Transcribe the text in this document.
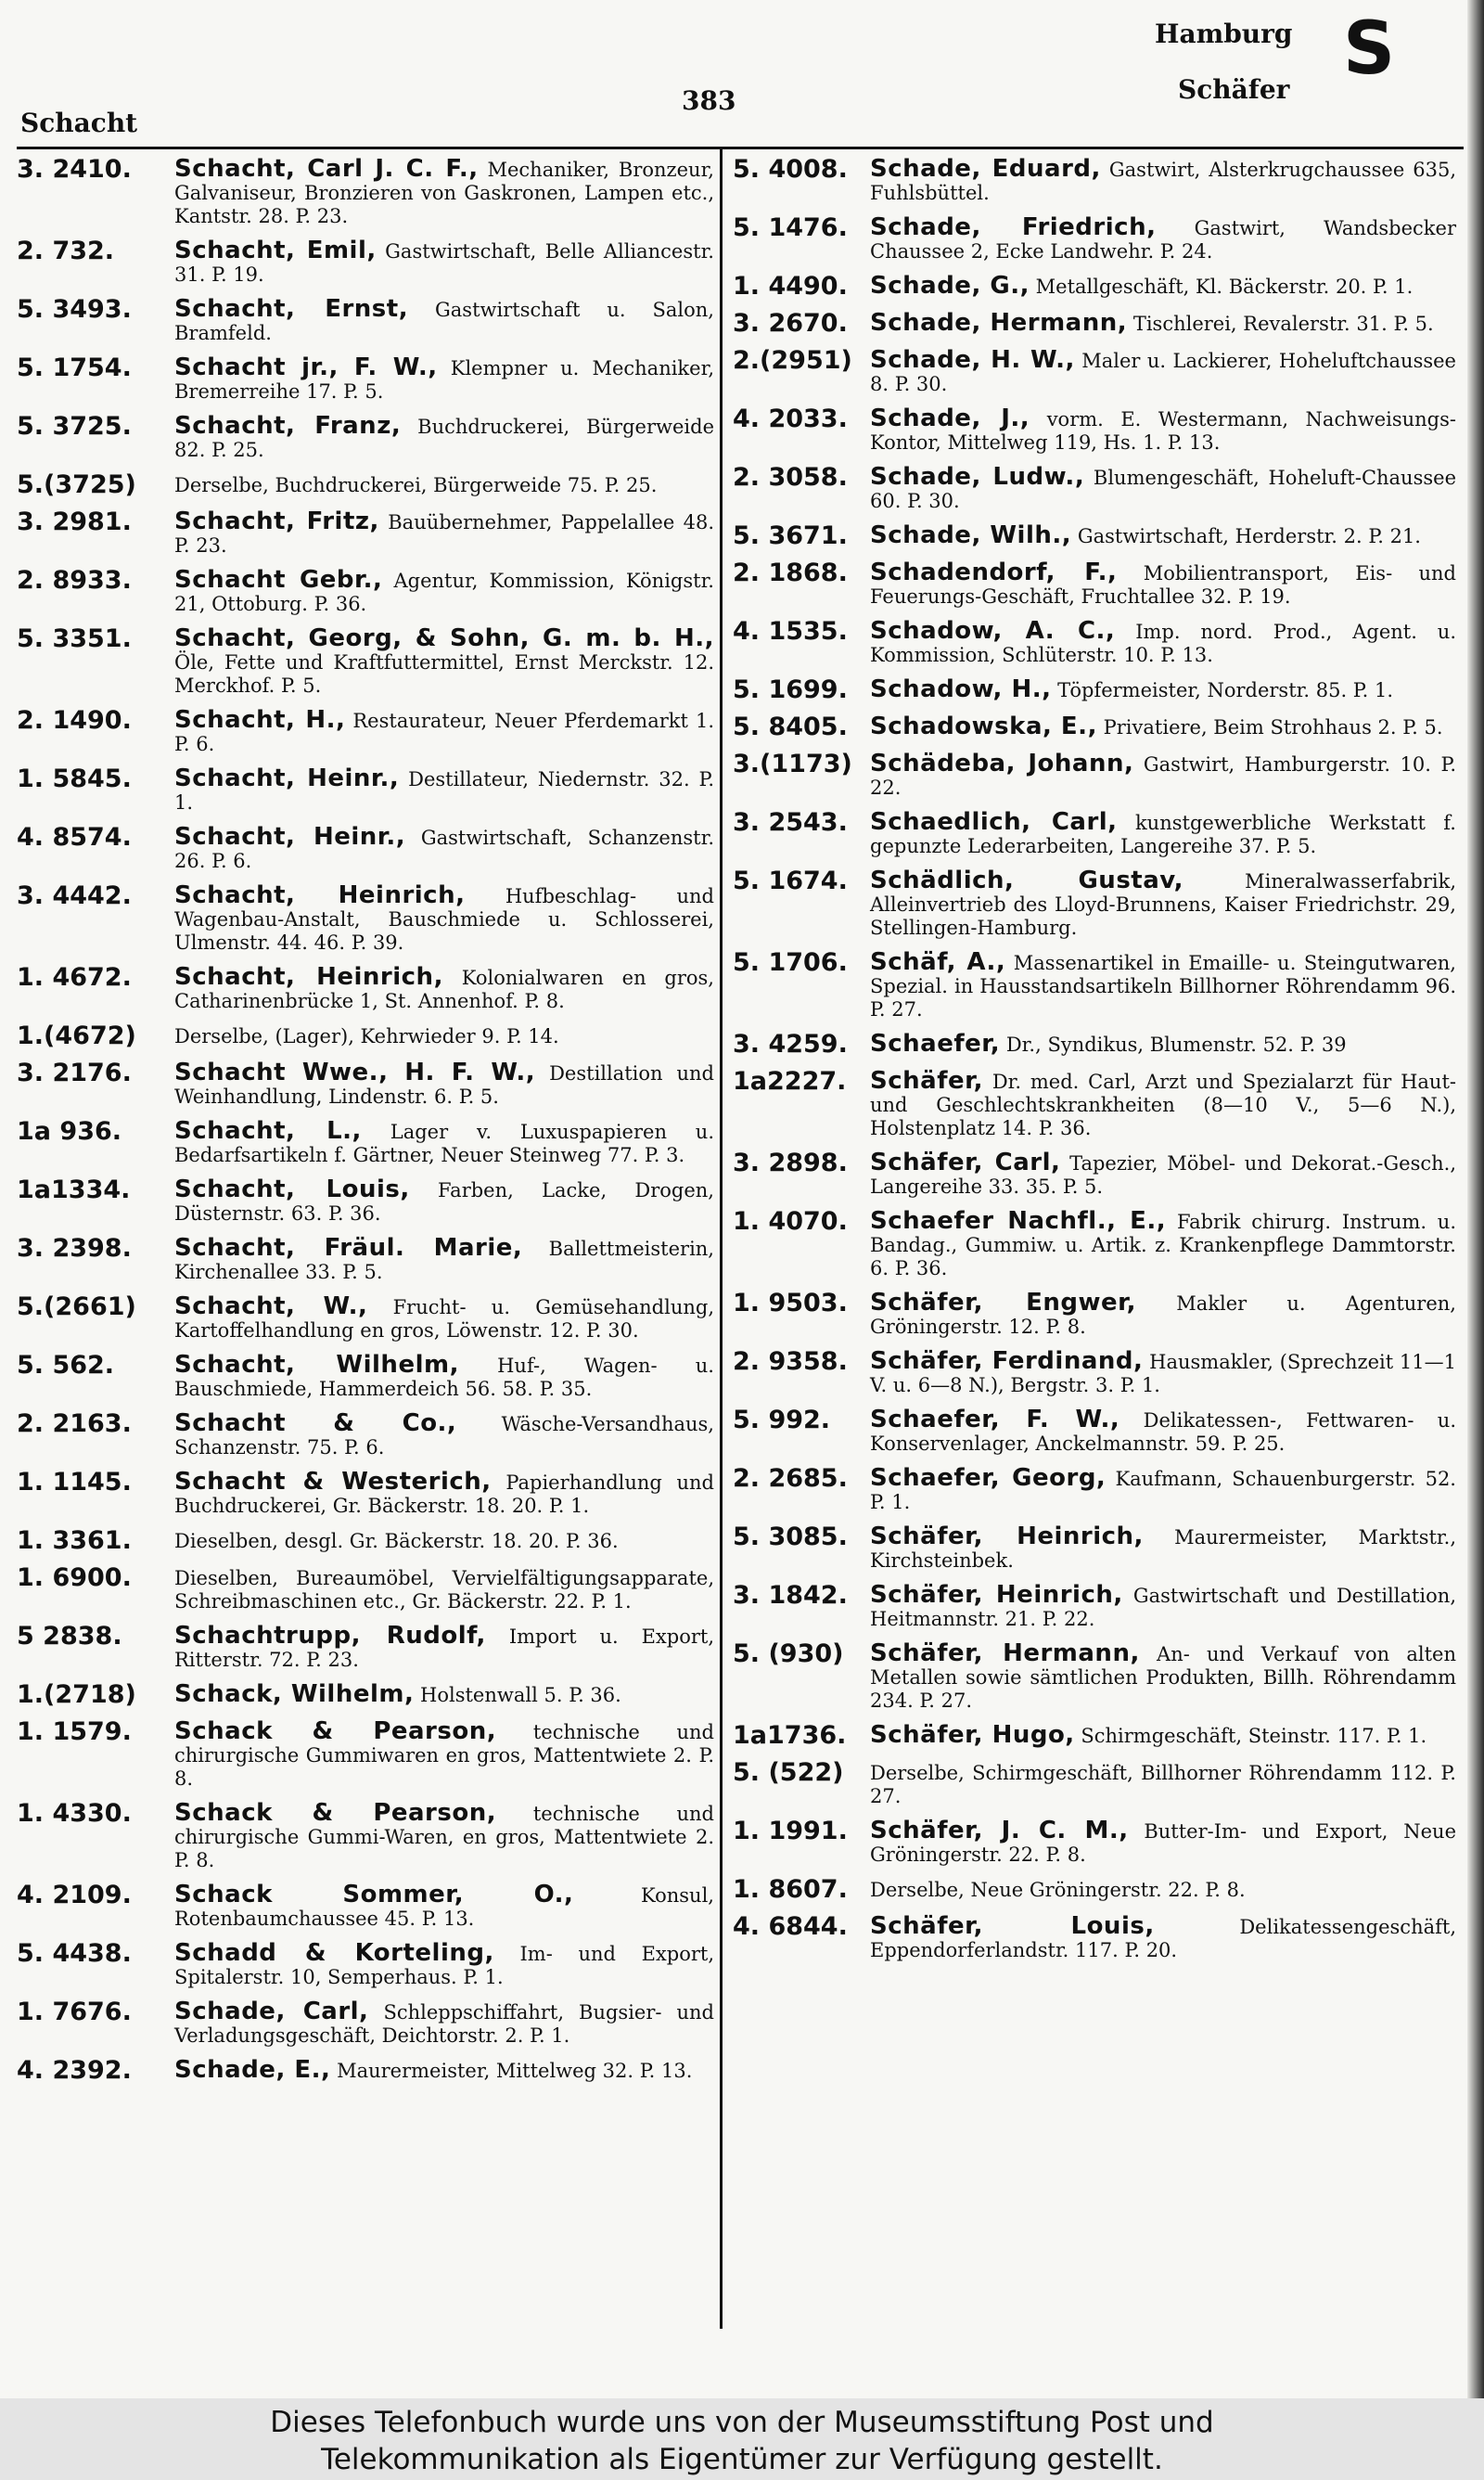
Schacht
383
Hamburg
Schäfer S
3. 2410.	Schacht, Carl J. C. F., Mechaniker, Bronzeur, Galvaniseur, Bronzieren von Gaskronen, Lampen etc., Kantstr. 28. P. 23.
2. 732.	Schacht, Emil, Gastwirtschaft, Belle Alliancestr. 31. P. 19.
5. 3493.	Schacht, Ernst, Gastwirtschaft u. Salon, Bramfeld.
5. 1754.	Schacht jr., F. W., Klempner u. Mechaniker, Bremerreihe 17. P. 5.
5. 3725.	Schacht, Franz, Buchdruckerei, Bürgerweide 82. P. 25.
5.(3725)	Derselbe, Buchdruckerei, Bürgerweide 75. P. 25.
3. 2981.	Schacht, Fritz, Bauübernehmer, Pappelallee 48. P. 23.
2. 8933.	Schacht Gebr., Agentur, Kommission, Königstr. 21, Ottoburg. P. 36.
5. 3351.	Schacht, Georg, & Sohn, G. m. b. H., Öle, Fette und Kraftfuttermittel, Ernst Merckstr. 12. Merckhof. P. 5.
2. 1490.	Schacht, H., Restaurateur, Neuer Pferdemarkt 1. P. 6.
1. 5845.	Schacht, Heinr., Destillateur, Niedernstr. 32. P. 1.
4. 8574.	Schacht, Heinr., Gastwirtschaft, Schanzenstr. 26. P. 6.
3. 4442.	Schacht, Heinrich, Hufbeschlag- und Wagenbau-Anstalt, Bauschmiede u. Schlosserei, Ulmenstr. 44. 46. P. 39.
1. 4672.	Schacht, Heinrich, Kolonialwaren en gros, Catharinenbrücke 1, St. Annenhof. P. 8.
1.(4672)	Derselbe, (Lager), Kehrwieder 9. P. 14.
3. 2176.	Schacht Wwe., H. F. W., Destillation und Weinhandlung, Lindenstr. 6. P. 5.
1a 936.	Schacht, L., Lager v. Luxuspapieren u. Bedarfsartikeln f. Gärtner, Neuer Steinweg 77. P. 3.
1a1334.	Schacht, Louis, Farben, Lacke, Drogen, Düsternstr. 63. P. 36.
3. 2398.	Schacht, Fräul. Marie, Ballettmeisterin, Kirchenallee 33. P. 5.
5.(2661)	Schacht, W., Frucht- u. Gemüsehandlung, Kartoffelhandlung en gros, Löwenstr. 12. P. 30.
5. 562.	Schacht, Wilhelm, Huf-, Wagen- u. Bauschmiede, Hammerdeich 56. 58. P. 35.
2. 2163.	Schacht & Co., Wäsche-Versandhaus, Schanzenstr. 75. P. 6.
1. 1145.	Schacht & Westerich, Papierhandlung und Buchdruckerei, Gr. Bäckerstr. 18. 20. P. 1.
1. 3361.	Dieselben, desgl. Gr. Bäckerstr. 18. 20. P. 36.
1. 6900.	Dieselben, Bureaumöbel, Vervielfältigungsapparate, Schreibmaschinen etc., Gr. Bäckerstr. 22. P. 1.
5 2838.	Schachtrupp, Rudolf, Import u. Export, Ritterstr. 72. P. 23.
1.(2718)	Schack, Wilhelm, Holstenwall 5. P. 36.
1. 1579.	Schack & Pearson, technische und chirurgische Gummiwaren en gros, Mattentwiete 2. P. 8.
1. 4330.	Schack & Pearson, technische und chirurgische Gummi-Waren, en gros, Mattentwiete 2. P. 8.
4. 2109.	Schack Sommer, O.,	Konsul, Rotenbaumchaussee 45. P. 13.
5. 4438.	Schadd & Korteling, Im- und Export, Spitalerstr. 10, Semperhaus. P. 1.
1. 7676.	Schade, Carl, Schleppschiffahrt, Bugsier- und Verladungsgeschäft, Deichtorstr. 2. P. 1.
4. 2392.	Schade, E., Maurermeister, Mittelweg 32. P. 13.
5. 4008. Schade, Eduard, Gastwirt, Alsterkrugchaussee 635, Fuhlsbüttel.
5. 1476. Schade, Friedrich, Gastwirt, Wandsbecker Chaussee 2, Ecke Landwehr. P. 24.
1. 4490. Schade, G., Metallgeschäft, Kl. Bäckerstr. 20. P. 1.
3. 2670. Schade, Hermann, Tischlerei, Revalerstr. 31. P. 5.
2.(2951) Schade, H. W., Maler u. Lackierer, Hoheluftchaussee 8. P. 30.
4. 2033. Schade, J., vorm. E. Westermann, Nachweisungs-Kontor, Mittelweg 119, Hs. 1. P. 13.
2. 3058. Schade, Ludw., Blumengeschäft, Hoheluft-Chaussee 60. P. 30.
5. 3671. Schade, Wilh., Gastwirtschaft, Herderstr. 2. P. 21.
2. 1868. Schadendorf, F., Mobilientransport, Eis- und Feuerungs-Geschäft, Fruchtallee 32. P. 19.
4. 1535. Schadow, A. C., Imp. nord. Prod., Agent. u. Kommission, Schlüterstr. 10. P. 13.
5. 1699. Schadow, H., Töpfermeister, Norderstr. 85. P. 1.
5. 8405. Schadowska, E., Privatiere, Beim Strohhaus 2. P. 5.
3.(1173) Schädeba, Johann, Gastwirt, Hamburgerstr. 10. P. 22.
3. 2543. Schaedlich, Carl, kunstgewerbliche Werkstatt f. gepunzte Lederarbeiten, Langereihe 37. P. 5.
5. 1674. Schädlich, Gustav,	Mineralwasserfabrik, Alleinvertrieb des Lloyd-Brunnens, Kaiser Friedrichstr. 29, Stellingen-Hamburg.
5. 1706. Schäf, A., Massenartikel in Emaille- u. Steingutwaren, Spezial. in Hausstandsartikeln Billhorner Röhrendamm 96. P. 27.
3. 4259. Schaefer, Dr., Syndikus, Blumenstr. 52. P. 39
1a2227. Schäfer, Dr. med. Carl, Arzt und Spezialarzt für Haut- und Geschlechtskrankheiten (8—10 V., 5—6 N.), Holstenplatz 14. P. 36.
3. 2898. Schäfer, Carl, Tapezier, Möbel- und Dekorat.-Gesch., Langereihe 33. 35. P. 5.
1. 4070. Schaefer Nachfl., E., Fabrik chirurg. Instrum. u. Bandag., Gummiw. u. Artik. z. Krankenpflege Dammtorstr. 6. P. 36.
1. 9503. Schäfer, Engwer, Makler u. Agenturen, Gröningerstr. 12. P. 8.
2. 9358. Schäfer, Ferdinand, Hausmakler, (Sprechzeit 11—1 V. u. 6—8 N.), Bergstr. 3. P. 1.
5. 992.	Schaefer, F. W., Delikatessen-, Fettwaren- u. Konservenlager, Anckelmannstr. 59. P. 25.
2. 2685. Schaefer, Georg, Kaufmann, Schauenburgerstr. 52. P. 1.
5. 3085. Schäfer, Heinrich, Maurermeister, Marktstr., Kirchsteinbek.
3. 1842. Schäfer, Heinrich, Gastwirtschaft und Destillation, Heitmannstr. 21. P. 22.
5. (930)	Schäfer, Hermann, An- und Verkauf von alten Metallen sowie sämtlichen Produkten, Billh. Röhrendamm 234. P. 27.
1a1736. Schäfer, Hugo, Schirmgeschäft, Steinstr. 117. P. 1.
5. (522)	Derselbe, Schirmgeschäft, Billhorner Röhrendamm 112. P. 27.
1. 1991. Schäfer, J. C. M., Butter-Im- und Export, Neue Gröningerstr. 22. P. 8.
1. 8607.	Derselbe, Neue Gröningerstr. 22. P. 8.
4. 6844. Schäfer, Louis,	Delikatessengeschäft, Eppendorferlandstr. 117. P. 20.
Dieses Telefonbuch wurde uns von der Museumsstiftung Post und
Telekommunikation als Eigentümer zur Verfügung gestellt.
